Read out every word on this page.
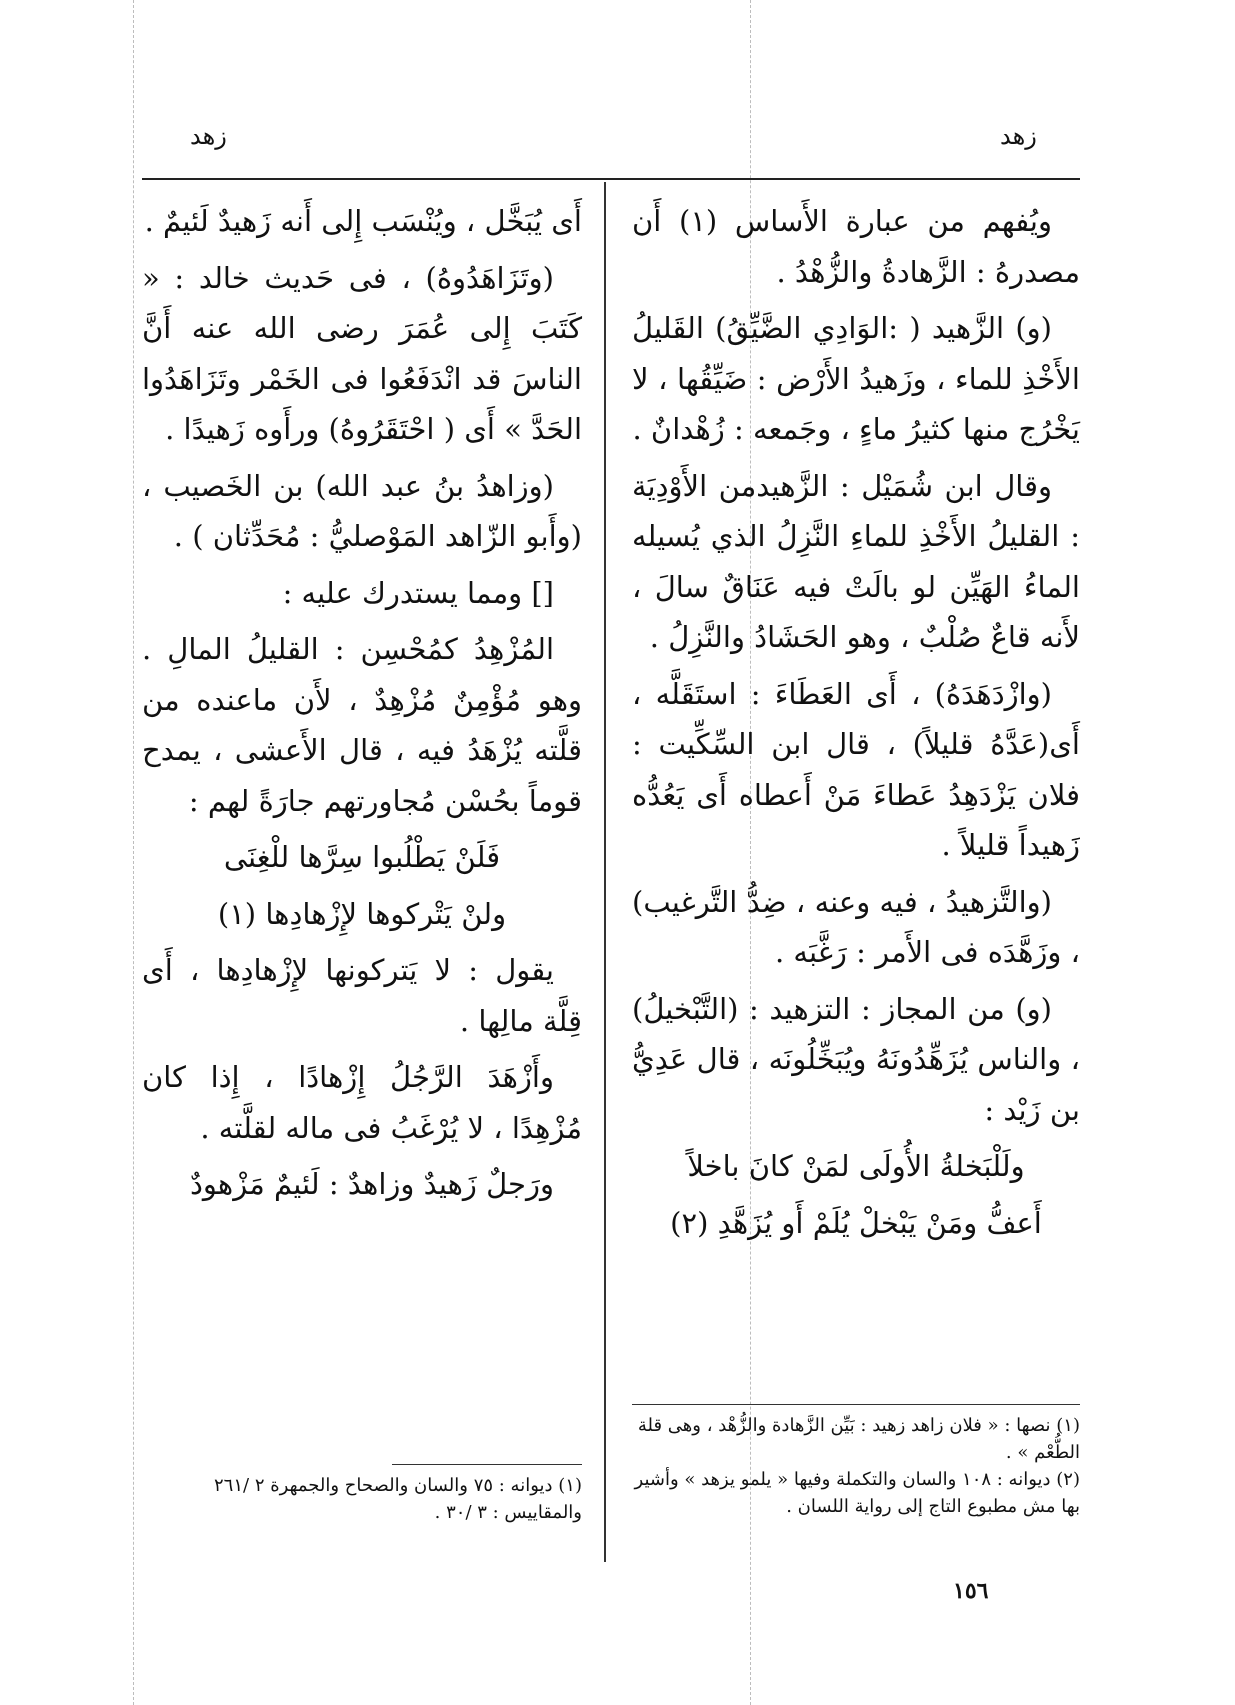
زهد	زهد

ويُفهم من عبارة الأَساس (١) أَن مصدرهُ : الزَّهادةُ والزُّهْدُ .

(و) الزَّهيد ( :الوَادِي الضَّيِّقُ) القَليلُ الأَخْذِ للماء ، وزَهيدُ الأَرْض : ضَيِّقُها ، لا يَخْرُج منها كثيرُ ماءٍ ، وجَمعه : زُهْدانٌ .

وقال ابن شُمَيْل : الزَّهيدمن الأَوْدِيَة : القليلُ الأَخْذِ للماءِ النَّزِلُ الذي يُسيله الماءُ الهَيِّن لو بالَتْ فيه عَنَاقٌ سالَ ، لأَنه قاعٌ صُلْبٌ ، وهو الحَشَادُ والنَّزِلُ .

(وازْدَهَدَهُ) ، أَى العَطَاءَ : استَقَلَّه ، أَى(عَدَّهُ قليلاً) ، قال ابن السِّكِّيت : فلان يَزْدَهِدُ عَطاءَ مَنْ أَعطاه أَى يَعُدُّه زَهيداً قليلاً .

(والتَّزهيدُ ، فيه وعنه ، ضِدُّ التَّرغيب) ، وزَهَّدَه فى الأَمر : رَغَّبَه .

(و) من المجاز : التزهيد : (التَّبْخيلُ) ، والناس يُزَهِّدُونَهُ ويُبَخِّلُونَه ، قال عَدِيُّ بن زَيْد :

ولَلْبَخلةُ الأُولَى لمَنْ كانَ باخلاً

أَعفُّ ومَنْ يَبْخلْ يُلَمْ أَو يُزَهَّدِ (٢)

(١) نصها : « فلان زاهد زهيد : بَيِّن الزَّهادة والزُّهْد ، وهى قلة الطُّعْم » .

(٢) ديوانه : ١٠٨ والسان والتكملة وفيها « يلمو يزهد » وأشير بها مش مطبوع التاج إلى رواية اللسان .

أَى يُبَخَّل ، ويُنْسَب إِلى أَنه زَهيدٌ لَئيمٌ .

(وتَزَاهَدُوهُ) ، فى حَديث خالد : « كَتَبَ إِلى عُمَرَ رضى الله عنه أَنَّ الناسَ قد انْدَفَعُوا فى الخَمْر وتَزَاهَدُوا الحَدَّ » أَى ( احْتَقَرُوهُ) ورأَوه زَهيدًا .

(وزاهدُ بنُ عبد الله) بن الخَصيب ، (وأَبو الزّاهد المَوْصليُّ : مُحَدِّثان ) .

[] ومما يستدرك عليه :

المُزْهِدُ كمُحْسِن : القليلُ المالِ . وهو مُؤْمِنٌ مُزْهِدٌ ، لأَن ماعنده من قلَّته يُزْهَدُ فيه ، قال الأَعشى ، يمدح قوماً بحُسْن مُجاورتهم جارَةً لهم :

فَلَنْ يَطْلُبوا سِرَّها للْغِنَى

ولنْ يَتْركوها لإِزْهادِها (١)

يقول : لا يَتركونها لإِزْهادِها ، أَى قِلَّة مالِها .

وأَزْهَدَ الرَّجُلُ إِزْهادًا ، إِذا كان مُزْهِدًا ، لا يُرْغَبُ فى ماله لقلَّته .

ورَجلٌ زَهيدٌ وزاهدٌ : لَئيمٌ مَزْهودٌ

(١) ديوانه : ٧٥ والسان والصحاح والجمهرة ٢ /٢٦١ والمقاييس : ٣ /٣٠ .

١٥٦
